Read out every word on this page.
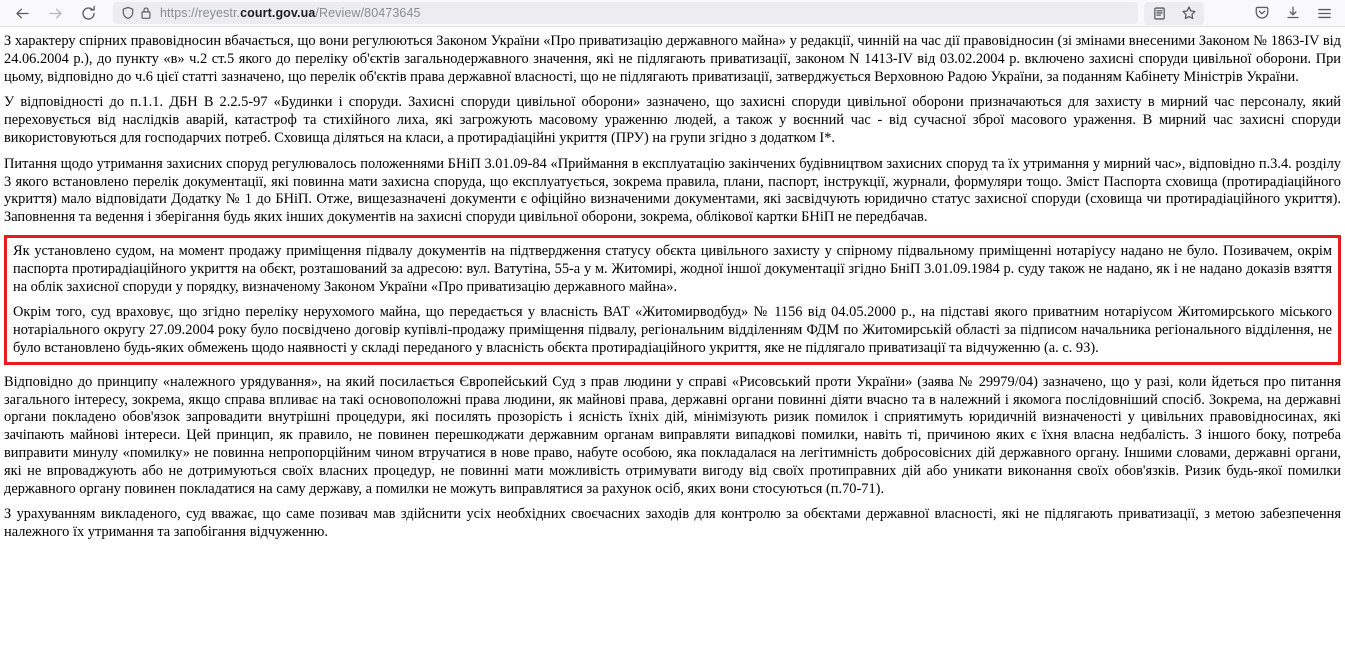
https://reyestr.court.gov.ua/Review/80473645

З характеру спірних правовідносин вбачається, що вони регулюються Законом України «Про приватизацію державного майна» у редакції, чинній на час дії правовідносин (зі змінами внесеними Законом № 1863-IV від 24.06.2004 р.), до пункту «в» ч.2 ст.5 якого до переліку об'єктів загальнодержавного значення, які не підлягають приватизації, законом N 1413-IV від 03.02.2004 р. включено захисні споруди цивільної оборони. При цьому, відповідно до ч.6 цієї статті зазначено, що перелік об'єктів права державної власності, що не підлягають приватизації, затверджується Верховною Радою України, за поданням Кабінету Міністрів України.

У відповідності до п.1.1. ДБН В 2.2.5-97 «Будинки і споруди. Захисні споруди цивільної оборони» зазначено, що захисні споруди цивільної оборони призначаються для захисту в мирний час персоналу, який переховується від наслідків аварій, катастроф та стихійного лиха, які загрожують масовому ураженню людей, а також у воєнний час - від сучасної зброї масового ураження. В мирний час захисні споруди використовуються для господарчих потреб. Сховища діляться на класи, а протирадіаційні укриття (ПРУ) на групи згідно з додатком I*.

Питання щодо утримання захисних споруд регулювалось положеннями БНіП 3.01.09-84 «Приймання в експлуатацію закінчених будівництвом захисних споруд та їх утримання у мирний час», відповідно п.3.4. розділу 3 якого встановлено перелік документації, які повинна мати захисна споруда, що експлуатується, зокрема правила, плани, паспорт, інструкції, журнали, формуляри тощо. Зміст Паспорта сховища (протирадіаційного укриття) мало відповідати Додатку № 1 до БНіП. Отже, вищезазначені документи є офіційно визначеними документами, які засвідчують юридично статус захисної споруди (сховища чи протирадіаційного укриття). Заповнення та ведення і зберігання будь яких інших документів на захисні споруди цивільної оборони, зокрема, облікової картки БНіП не передбачав.

Як установлено судом, на момент продажу приміщення підвалу документів на підтвердження статусу обєкта цивільного захисту у спірному підвальному приміщенні нотаріусу надано не було. Позивачем, окрім паспорта протирадіаційного укриття на обєкт, розташований за адресою: вул. Ватутіна, 55-а у м. Житомирі, жодної іншої документації згідно БніП 3.01.09.1984 р. суду також не надано, як і не надано доказів взяття на облік захисної споруди у порядку, визначеному Законом України «Про приватизацію державного майна».

Окрім того, суд враховує, що згідно переліку нерухомого майна, що передається у власність ВАТ «Житомирводбуд» № 1156 від 04.05.2000 р., на підставі якого приватним нотаріусом Житомирського міського нотаріального округу 27.09.2004 року було посвідчено договір купівлі-продажу приміщення підвалу, регіональним відділенням ФДМ по Житомирській області за підписом начальника регіонального відділення, не було встановлено будь-яких обмежень щодо наявності у складі переданого у власність обєкта протирадіаційного укриття, яке не підлягало приватизації та відчуженню (а. с. 93).

Відповідно до принципу «належного урядування», на який посилається Європейський Суд з прав людини у справі «Рисовський проти України» (заява № 29979/04) зазначено, що у разі, коли йдеться про питання загального інтересу, зокрема, якщо справа впливає на такі основоположні права людини, як майнові права, державні органи повинні діяти вчасно та в належний і якомога послідовніший спосіб. Зокрема, на державні органи покладено обов'язок запровадити внутрішні процедури, які посилять прозорість і ясність їхніх дій, мінімізують ризик помилок і сприятимуть юридичній визначеності у цивільних правовідносинах, які зачіпають майнові інтереси. Цей принцип, як правило, не повинен перешкоджати державним органам виправляти випадкові помилки, навіть ті, причиною яких є їхня власна недбалість. З іншого боку, потреба виправити минулу «помилку» не повинна непропорційним чином втручатися в нове право, набуте особою, яка покладалася на легітимність добросовісних дій державного органу. Іншими словами, державні органи, які не впроваджують або не дотримуються своїх власних процедур, не повинні мати можливість отримувати вигоду від своїх протиправних дій або уникати виконання своїх обов'язків. Ризик будь-якої помилки державного органу повинен покладатися на саму державу, а помилки не можуть виправлятися за рахунок осіб, яких вони стосуються (п.70-71).

З урахуванням викладеного, суд вважає, що саме позивач мав здійснити усіх необхідних своєчасних заходів для контролю за обєктами державної власності, які не підлягають приватизації, з метою забезпечення належного їх утримання та запобігання відчуженню.
